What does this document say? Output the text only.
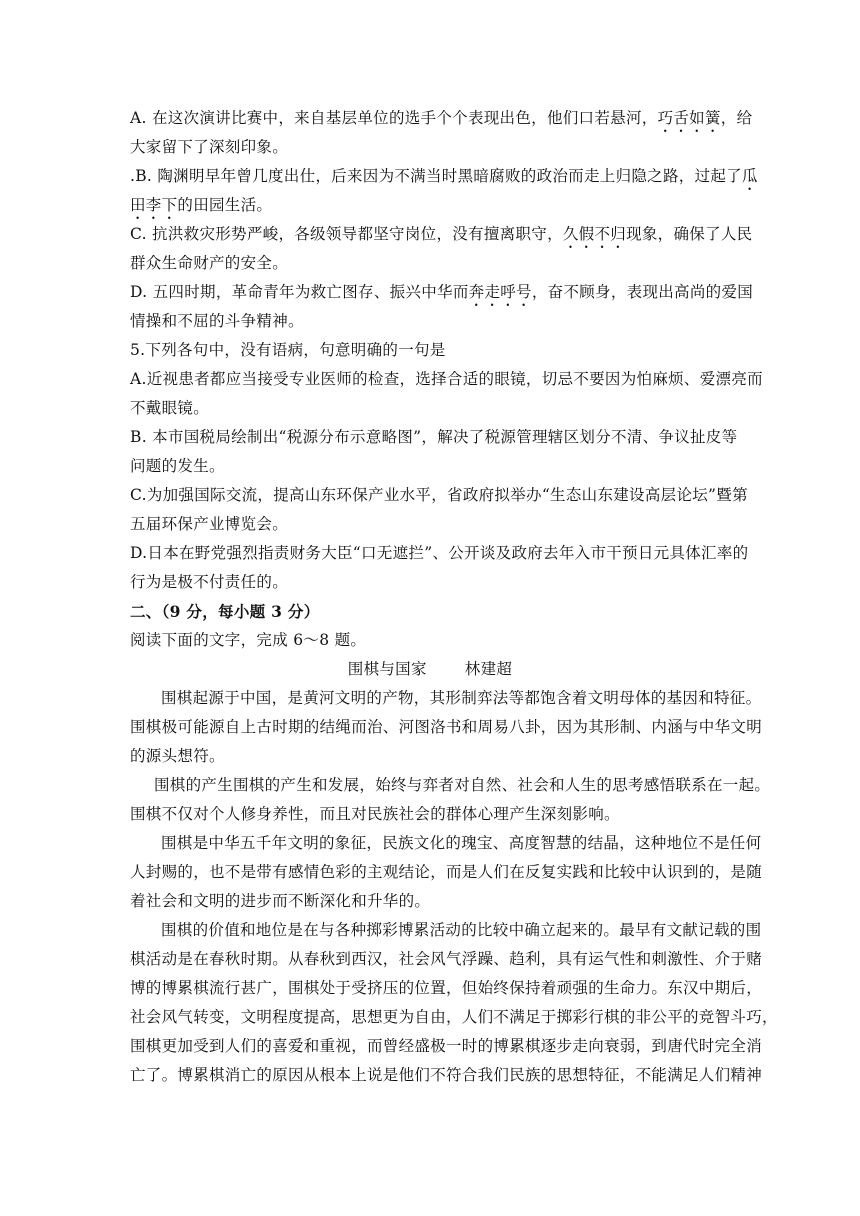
A. 在这次演讲比赛中，来自基层单位的选手个个表现出色，他们口若悬河，巧舌如簧，给
大家留下了深刻印象。
.B. 陶渊明早年曾几度出仕，后来因为不满当时黑暗腐败的政治而走上归隐之路，过起了瓜
田李下的田园生活。
C. 抗洪救灾形势严峻，各级领导都坚守岗位，没有擅离职守，久假不归现象，确保了人民
群众生命财产的安全。
D. 五四时期，革命青年为救亡图存、振兴中华而奔走呼号，奋不顾身，表现出高尚的爱国
情操和不屈的斗争精神。
5.下列各句中，没有语病，句意明确的一句是
A.近视患者都应当接受专业医师的检查，选择合适的眼镜，切忌不要因为怕麻烦、爱漂亮而
不戴眼镜。
B. 本市国税局绘制出“税源分布示意略图”，解决了税源管理辖区划分不清、争议扯皮等
问题的发生。
C.为加强国际交流，提高山东环保产业水平，省政府拟举办“生态山东建设高层论坛”暨第
五届环保产业博览会。
D.日本在野党强烈指责财务大臣“口无遮拦”、公开谈及政府去年入市干预日元具体汇率的
行为是极不付责任的。
二、（9 分，每小题 3 分）
阅读下面的文字，完成 6～8 题。
围棋与国家 林建超
围棋起源于中国，是黄河文明的产物，其形制弈法等都饱含着文明母体的基因和特征。
围棋极可能源自上古时期的结绳而治、河图洛书和周易八卦，因为其形制、内涵与中华文明
的源头想符。
围棋的产生围棋的产生和发展，始终与弈者对自然、社会和人生的思考感悟联系在一起。
围棋不仅对个人修身养性，而且对民族社会的群体心理产生深刻影响。
围棋是中华五千年文明的象征，民族文化的瑰宝、高度智慧的结晶，这种地位不是任何
人封赐的，也不是带有感情色彩的主观结论，而是人们在反复实践和比较中认识到的，是随
着社会和文明的进步而不断深化和升华的。
围棋的价值和地位是在与各种掷彩博累活动的比较中确立起来的。最早有文献记载的围
棋活动是在春秋时期。从春秋到西汉，社会风气浮躁、趋利，具有运气性和刺激性、介于赌
博的博累棋流行甚广，围棋处于受挤压的位置，但始终保持着顽强的生命力。东汉中期后，
社会风气转变，文明程度提高，思想更为自由，人们不满足于掷彩行棋的非公平的竞智斗巧，
围棋更加受到人们的喜爱和重视，而曾经盛极一时的博累棋逐步走向衰弱，到唐代时完全消
亡了。博累棋消亡的原因从根本上说是他们不符合我们民族的思想特征，不能满足人们精神
